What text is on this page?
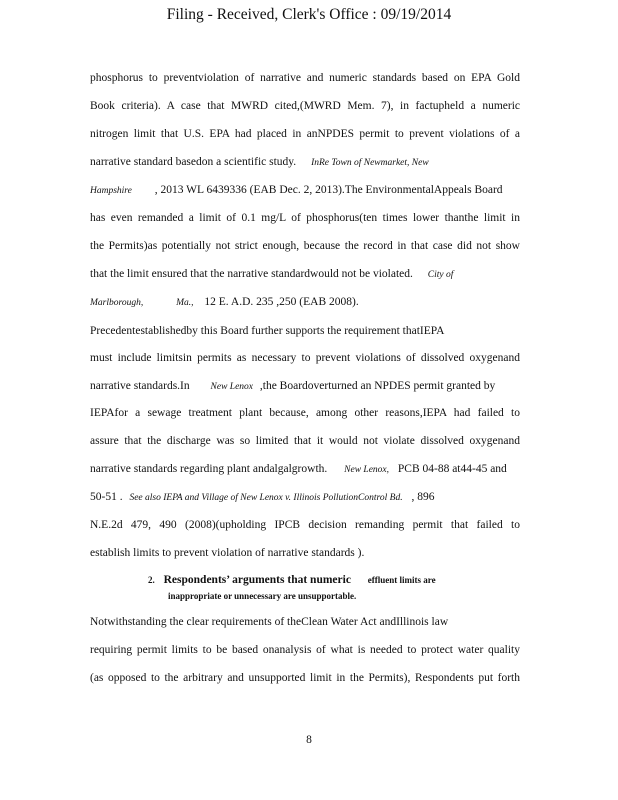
Filing - Received, Clerk's Office : 09/19/2014
phosphorus to preventviolation of narrative and numeric standards based on EPA Gold
Book criteria). A case that MWRD cited,(MWRD Mem. 7), in factupheld a numeric
nitrogen limit that U.S. EPA had placed in anNPDES permit to prevent violations of a
narrative standard basedon a scientific study. InRe Town of Newmarket, New
Hampshire , 2013 WL 6439336 (EAB Dec. 2, 2013).The EnvironmentalAppeals Board
has even remanded a limit of 0.1 mg/L of phosphorus(ten times lower thanthe limit in
the Permits)as potentially not strict enough, because the record in that case did not show
that the limit ensured that the narrative standardwould not be violated. City of
Marlborough,	Ma., 12 E. A.D. 235 ,250 (EAB 2008).
Precedentestablishedby this Board further supports the requirement thatIEPA
must include limitsin permits as necessary to prevent violations of dissolved oxygenand
narrative standards.In New Lenox ,the Boardoverturned an NPDES permit granted by
IEPAfor a sewage treatment plant because, among other reasons,IEPA had failed to
assure that the discharge was so limited that it would not violate dissolved oxygenand
narrative standards regarding plant andalgalgrowth. New Lenox, PCB 04-88 at44-45 and
50-51 . See also IEPA and Village of New Lenox v. Illinois PollutionControl Bd. , 896
N.E.2d 479, 490 (2008)(upholding IPCB decision remanding permit that failed to
establish limits to prevent violation of narrative standards ).
2. Respondents’ arguments that numeric effluent limits are
inappropriate or unnecessary are unsupportable.
Notwithstanding the clear requirements of theClean Water Act andIllinois law
requiring permit limits to be based onanalysis of what is needed to protect water quality
(as opposed to the arbitrary and unsupported limit in the Permits), Respondents put forth
8
